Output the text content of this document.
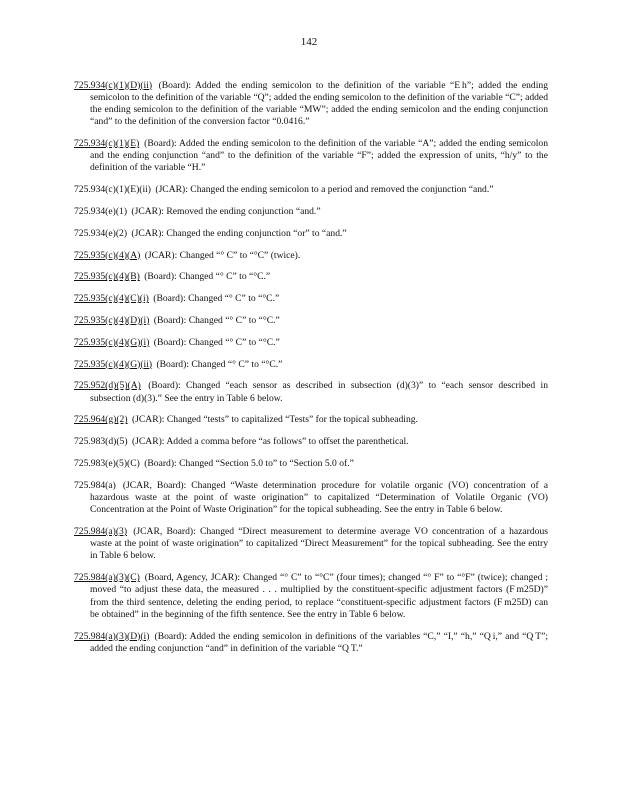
142

725.934(c)(1)(D)(ii) (Board): Added the ending semicolon to the definition of the variable “E h”; added the ending semicolon to the definition of the variable “Q”; added the ending semicolon to the definition of the variable “C”; added the ending semicolon to the definition of the variable “MW”; added the ending semicolon and the ending conjunction “and” to the definition of the conversion factor “0.0416.”

725.934(c)(1)(E) (Board): Added the ending semicolon to the definition of the variable “A”; added the ending semicolon and the ending conjunction “and” to the definition of the variable “F”; added the expression of units, “h/y” to the definition of the variable “H.”

725.934(c)(1)(E)(ii) (JCAR): Changed the ending semicolon to a period and removed the conjunction “and.”

725.934(e)(1) (JCAR): Removed the ending conjunction “and.”

725.934(e)(2) (JCAR): Changed the ending conjunction “or” to “and.”

725.935(c)(4)(A) (JCAR): Changed “° C” to “°C” (twice).

725.935(c)(4)(B) (Board): Changed “° C” to “°C.”

725.935(c)(4)(C)(i) (Board): Changed “° C” to “°C.”

725.935(c)(4)(D)(i) (Board): Changed “° C” to “°C.”

725.935(c)(4)(G)(i) (Board): Changed “° C” to “°C.”

725.935(c)(4)(G)(ii) (Board): Changed “° C” to “°C.”

725.952(d)(5)(A) (Board): Changed “each sensor as described in subsection (d)(3)” to “each sensor described in subsection (d)(3).” See the entry in Table 6 below.

725.964(g)(2) (JCAR): Changed “tests” to capitalized “Tests” for the topical subheading.

725.983(d)(5) (JCAR): Added a comma before “as follows” to offset the parenthetical.

725.983(e)(5)(C) (Board): Changed “Section 5.0 to” to “Section 5.0 of.”

725.984(a) (JCAR, Board): Changed “Waste determination procedure for volatile organic (VO) concentration of a hazardous waste at the point of waste origination” to capitalized “Determination of Volatile Organic (VO) Concentration at the Point of Waste Origination” for the topical subheading. See the entry in Table 6 below.

725.984(a)(3) (JCAR, Board): Changed “Direct measurement to determine average VO concentration of a hazardous waste at the point of waste origination” to capitalized “Direct Measurement” for the topical subheading. See the entry in Table 6 below.

725.984(a)(3)(C) (Board, Agency, JCAR): Changed “° C” to “°C” (four times); changed “° F” to “°F” (twice); changed ; moved “to adjust these data, the measured . . . multiplied by the constituent-specific adjustment factors (F m25D)” from the third sentence, deleting the ending period, to replace “constituent-specific adjustment factors (F m25D) can be obtained” in the beginning of the fifth sentence. See the entry in Table 6 below.

725.984(a)(3)(D)(i) (Board): Added the ending semicolon in definitions of the variables “C,” “I,” “h,” “Q i,” and “Q T”; added the ending conjunction “and” in definition of the variable “Q T.”
